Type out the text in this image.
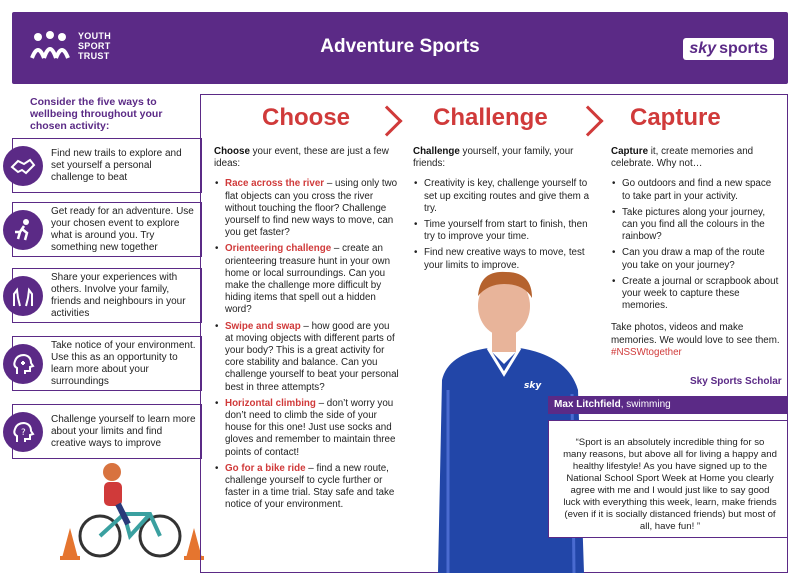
YOUTH
SPORT
TRUST	Adventure Sports	sky sports
Consider the five ways to wellbeing throughout your chosen activity:
Find new trails to explore and set yourself a personal challenge to beat
Get ready for an adventure. Use your chosen event to explore what is around you. Try something new together
Share your experiences with others. Involve your family, friends and neighbours in your activities
Take notice of your environment. Use this as an opportunity to learn more about your surroundings
?
Challenge yourself to learn more about your limits and find creative ways to improve
Choose	Challenge	Capture
Choose your event, these are just a few ideas:
• Race across the river – using only two flat objects can you cross the river without touching the floor? Challenge yourself to find new ways to move, can you get faster?
• Orienteering challenge – create an orienteering treasure hunt in your own home or local surroundings. Can you make the challenge more difficult by hiding items that spell out a hidden word?
• Swipe and swap – how good are you at moving objects with different parts of your body? This is a great activity for core stability and balance. Can you challenge yourself to beat your personal best in three attempts?
• Horizontal climbing – don’t worry you don’t need to climb the side of your house for this one! Just use socks and gloves and remember to maintain three points of contact!
• Go for a bike ride – find a new route, challenge yourself to cycle further or faster in a time trial. Stay safe and take notice of your environment.
Challenge yourself, your family, your friends:
• Creativity is key, challenge yourself to set up exciting routes and give them a try.
• Time yourself from start to finish, then try to improve your time.
• Find new creative ways to move, test your limits to improve.
Capture it, create memories and celebrate. Why not…
• Go outdoors and find a new space to take part in your activity.
• Take pictures along your journey, can you find all the colours in the rainbow?
• Can you draw a map of the route you take on your journey?
• Create a journal or scrapbook about your week to capture these memories.
Take photos, videos and make memories. We would love to see them. #NSSWtogether
sky	Sky Sports Scholar
Max Litchfield, swimming
“Sport is an absolutely incredible thing for so many reasons, but above all for living a happy and healthy lifestyle! As you have signed up to the National School Sport Week at Home you clearly agree with me and I would just like to say good luck with everything this week, learn, make friends (even if it is socially distanced friends) but most of all, have fun! ”
